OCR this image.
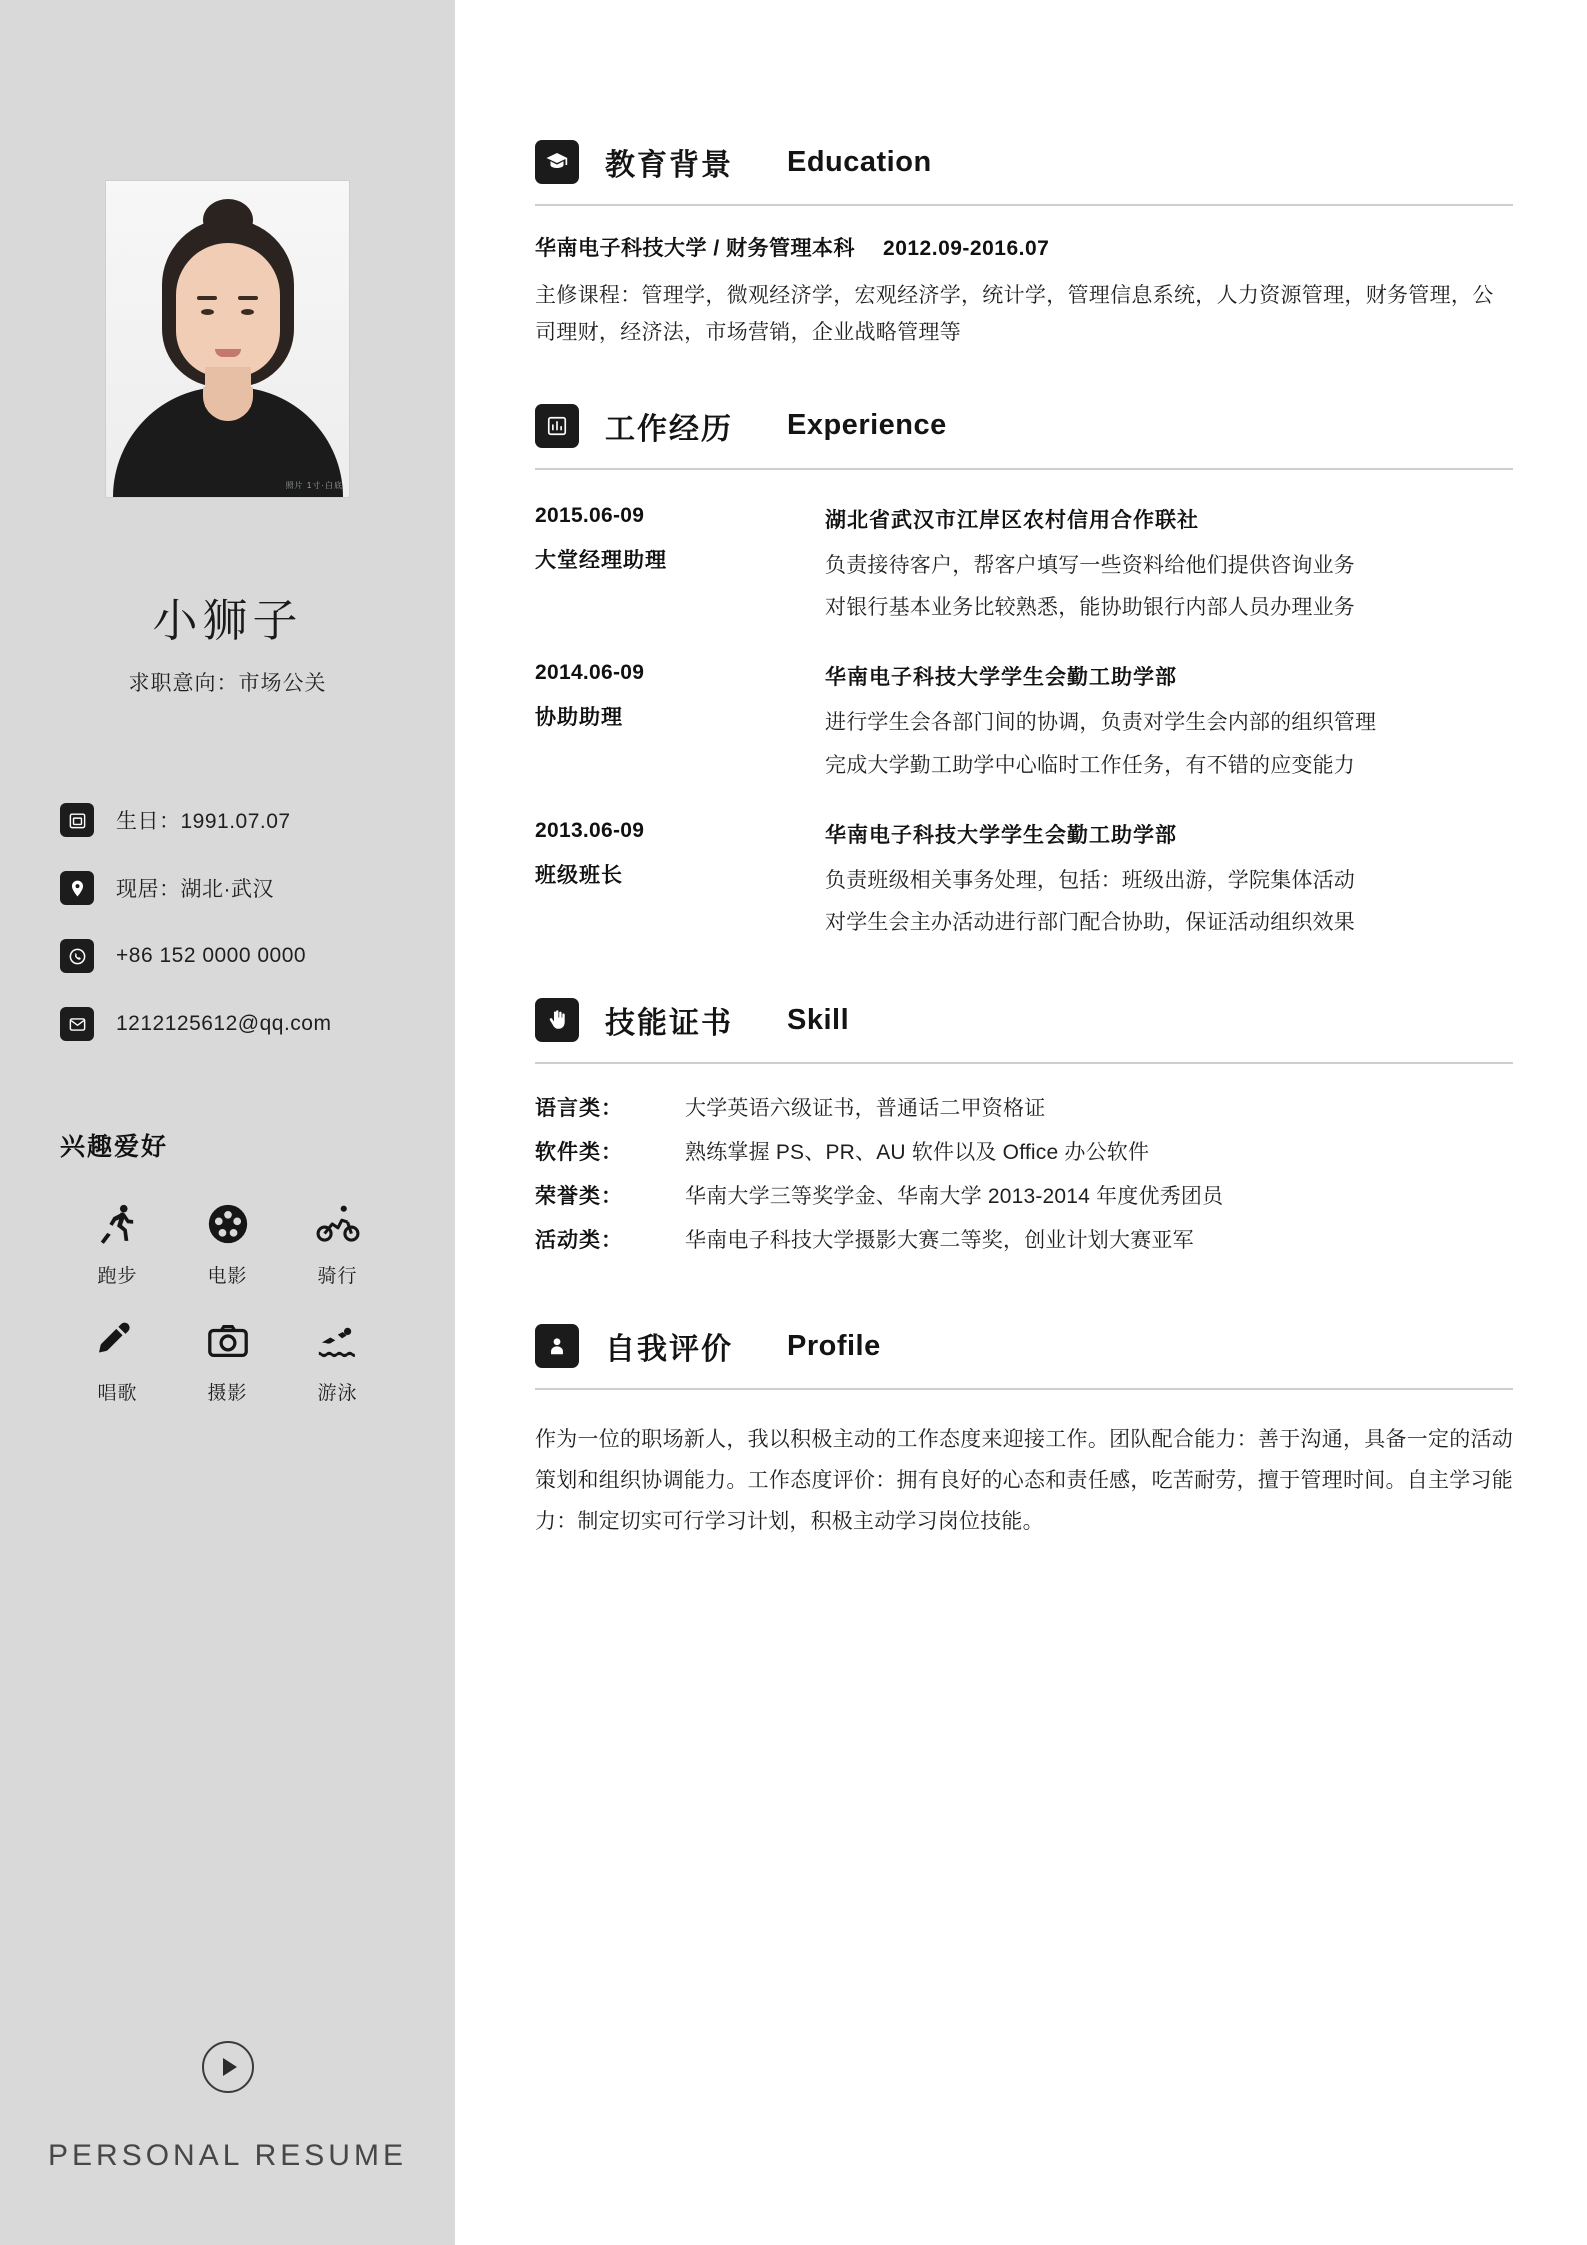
照片 1寸·白底
小狮子
求职意向：市场公关
生日：1991.07.07
现居：湖北·武汉
+86 152 0000 0000
1212125612@qq.com
兴趣爱好
跑步	电影	骑行
唱歌	摄影	游泳
PERSONAL RESUME
教育背景 Education
华南电子科技大学 / 财务管理本科 2012.09-2016.07
主修课程：管理学，微观经济学，宏观经济学，统计学，管理信息系统，人力资源管理，财务管理，公司理财，经济法，市场营销，企业战略管理等
工作经历 Experience
2015.06-09
大堂经理助理
湖北省武汉市江岸区农村信用合作联社
负责接待客户，帮客户填写一些资料给他们提供咨询业务
对银行基本业务比较熟悉，能协助银行内部人员办理业务
2014.06-09
协助助理
华南电子科技大学学生会勤工助学部
进行学生会各部门间的协调，负责对学生会内部的组织管理
完成大学勤工助学中心临时工作任务，有不错的应变能力
2013.06-09
班级班长
华南电子科技大学学生会勤工助学部
负责班级相关事务处理，包括：班级出游，学院集体活动
对学生会主办活动进行部门配合协助，保证活动组织效果
技能证书 Skill
语言类：	大学英语六级证书，普通话二甲资格证
软件类：	熟练掌握 PS、PR、AU 软件以及 Office 办公软件
荣誉类：	华南大学三等奖学金、华南大学 2013-2014 年度优秀团员
活动类：	华南电子科技大学摄影大赛二等奖，创业计划大赛亚军
自我评价 Profile
作为一位的职场新人，我以积极主动的工作态度来迎接工作。团队配合能力：善于沟通，具备一定的活动策划和组织协调能力。工作态度评价：拥有良好的心态和责任感，吃苦耐劳，擅于管理时间。自主学习能力：制定切实可行学习计划，积极主动学习岗位技能。
